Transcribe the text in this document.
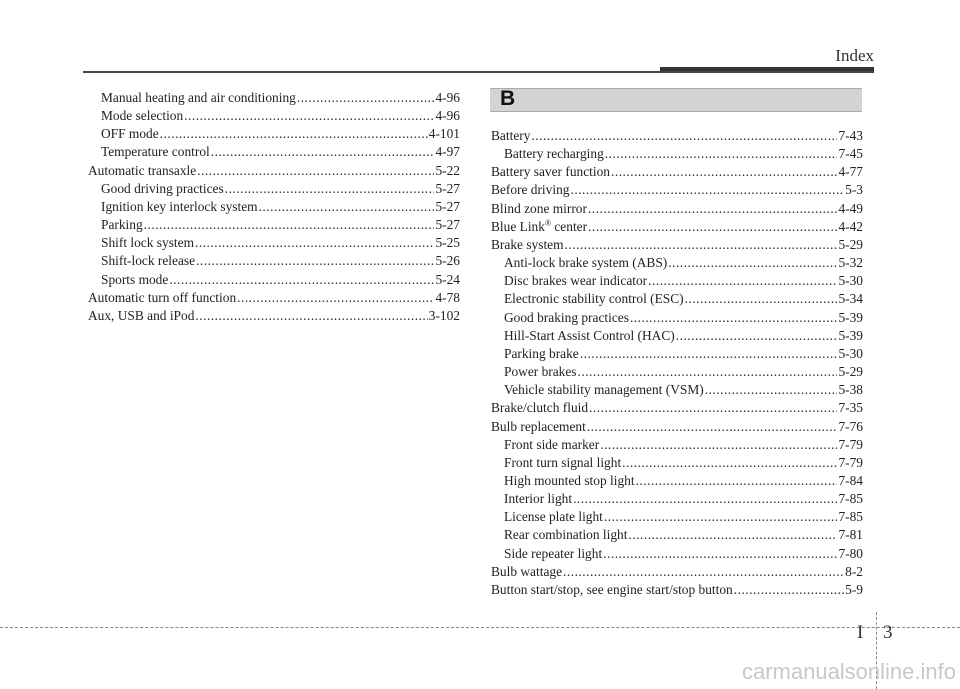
Index
Manual heating and air conditioning .....	4-96
Mode selection .....	4-96
OFF mode .....	4-101
Temperature control .....	4-97
Automatic transaxle .....	5-22
Good driving practices .....	5-27
Ignition key interlock system .....	5-27
Parking .....	5-27
Shift lock system .....	5-25
Shift-lock release .....	5-26
Sports mode .....	5-24
Automatic turn off function .....	4-78
Aux, USB and iPod .....	3-102
B
Battery .....	7-43
Battery recharging .....	7-45
Battery saver function .....	4-77
Before driving .....	5-3
Blind zone mirror .....	4-49
Blue Link® center .....	4-42
Brake system .....	5-29
Anti-lock brake system (ABS) .....	5-32
Disc brakes wear indicator .....	5-30
Electronic stability control (ESC) .....	5-34
Good braking practices .....	5-39
Hill-Start Assist Control (HAC) .....	5-39
Parking brake .....	5-30
Power brakes .....	5-29
Vehicle stability management (VSM) .....	5-38
Brake/clutch fluid .....	7-35
Bulb replacement .....	7-76
Front side marker .....	7-79
Front turn signal light .....	7-79
High mounted stop light .....	7-84
Interior light .....	7-85
License plate light .....	7-85
Rear combination light .....	7-81
Side repeater light .....	7-80
Bulb wattage .....	8-2
Button start/stop, see engine start/stop button .....	5-9
I 3
carmanualsonline.info
